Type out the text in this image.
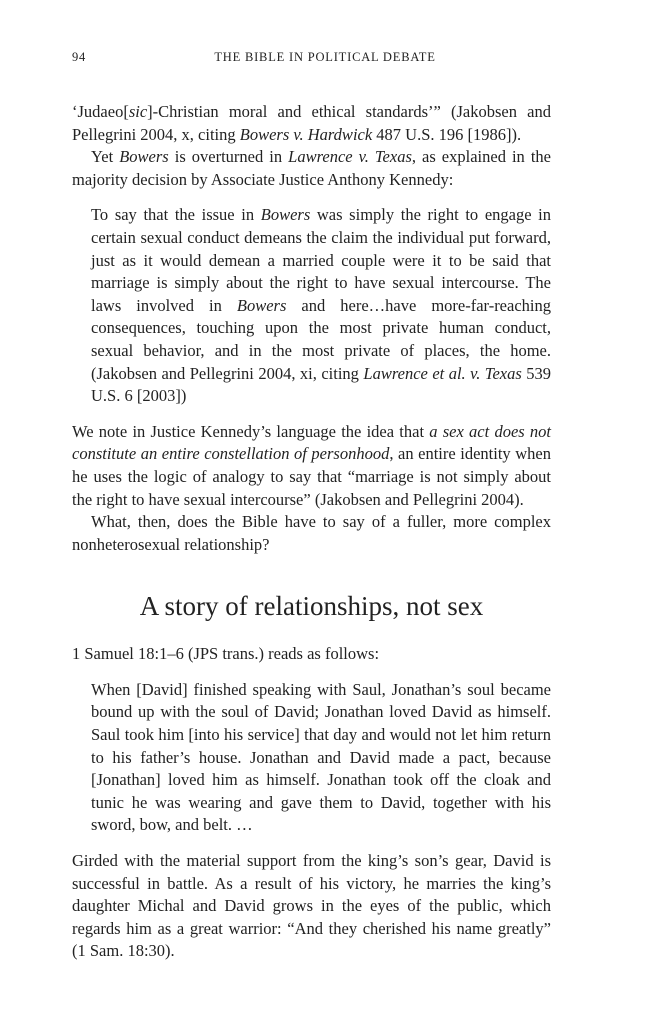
94	THE BIBLE IN POLITICAL DEBATE

‘Judaeo[sic]-Christian moral and ethical standards’” (Jakobsen and Pellegrini 2004, x, citing Bowers v. Hardwick 487 U.S. 196 [1986]).

Yet Bowers is overturned in Lawrence v. Texas, as explained in the majority decision by Associate Justice Anthony Kennedy:

To say that the issue in Bowers was simply the right to engage in certain sexual conduct demeans the claim the individual put forward, just as it would demean a married couple were it to be said that marriage is simply about the right to have sexual intercourse. The laws involved in Bowers and here…have more-far-reaching consequences, touching upon the most private human conduct, sexual behavior, and in the most private of places, the home. (Jakobsen and Pellegrini 2004, xi, citing Lawrence et al. v. Texas 539 U.S. 6 [2003])

We note in Justice Kennedy’s language the idea that a sex act does not constitute an entire constellation of personhood, an entire identity when he uses the logic of analogy to say that “marriage is not simply about the right to have sexual intercourse” (Jakobsen and Pellegrini 2004).

What, then, does the Bible have to say of a fuller, more complex nonheterosexual relationship?

A story of relationships, not sex

1 Samuel 18:1–6 (JPS trans.) reads as follows:

When [David] finished speaking with Saul, Jonathan’s soul became bound up with the soul of David; Jonathan loved David as himself. Saul took him [into his service] that day and would not let him return to his father’s house. Jonathan and David made a pact, because [Jonathan] loved him as himself. Jonathan took off the cloak and tunic he was wearing and gave them to David, together with his sword, bow, and belt. …

Girded with the material support from the king’s son’s gear, David is successful in battle. As a result of his victory, he marries the king’s daughter Michal and David grows in the eyes of the public, which regards him as a great warrior: “And they cherished his name greatly” (1 Sam. 18:30).
